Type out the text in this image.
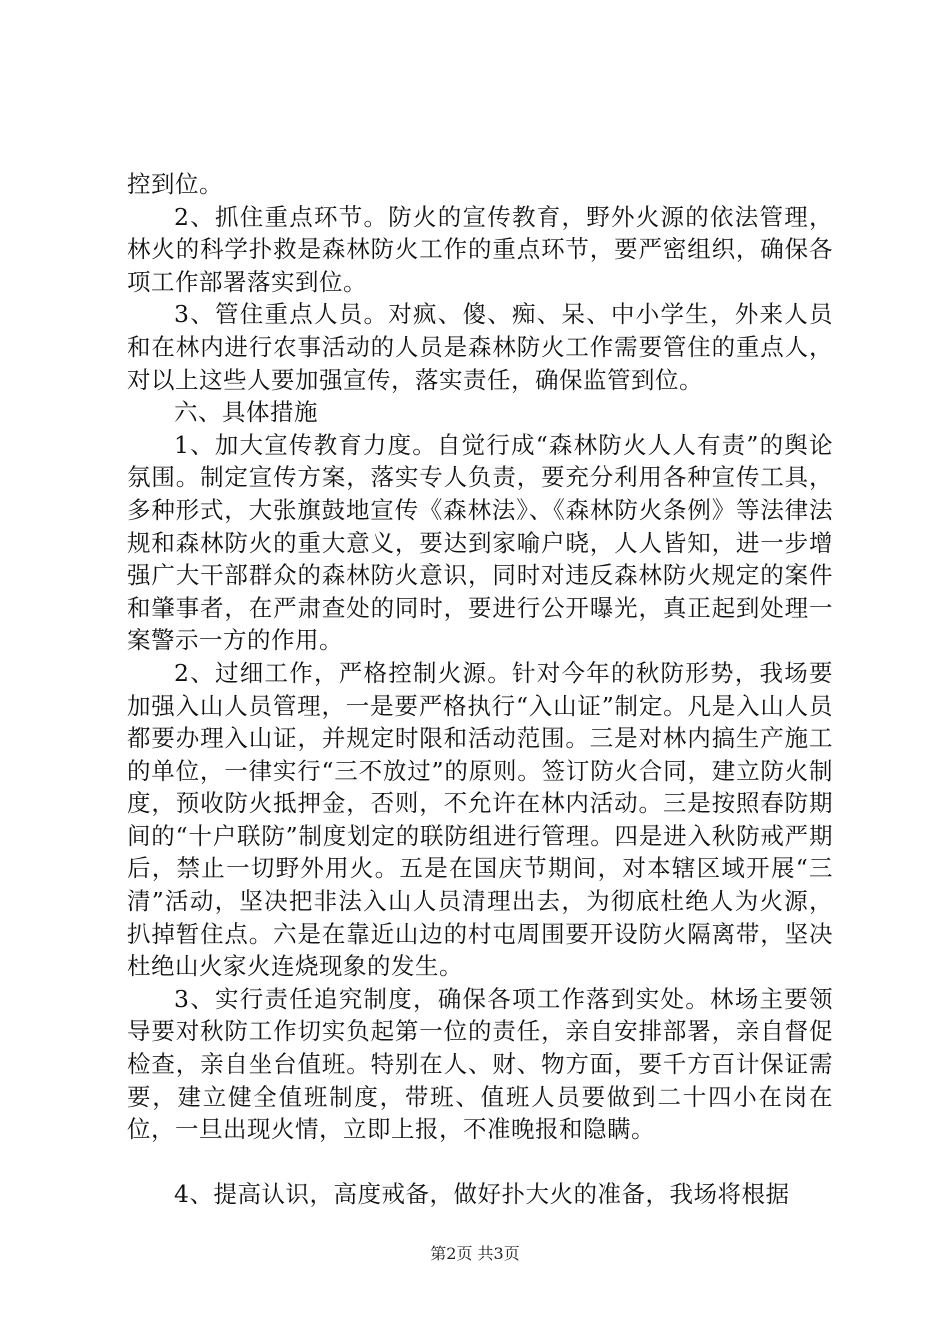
控到位。

2、抓住重点环节。防火的宣传教育，野外火源的依法管理，林火的科学扑救是森林防火工作的重点环节，要严密组织，确保各项工作部署落实到位。

3、管住重点人员。对疯、傻、痴、呆、中小学生，外来人员和在林内进行农事活动的人员是森林防火工作需要管住的重点人，对以上这些人要加强宣传，落实责任，确保监管到位。

六、具体措施

1、加大宣传教育力度。自觉行成“森林防火人人有责”的舆论氛围。制定宣传方案，落实专人负责，要充分利用各种宣传工具，多种形式，大张旗鼓地宣传《森林法》、《森林防火条例》等法律法规和森林防火的重大意义，要达到家喻户晓，人人皆知，进一步增强广大干部群众的森林防火意识，同时对违反森林防火规定的案件和肇事者，在严肃查处的同时，要进行公开曝光，真正起到处理一案警示一方的作用。

2、过细工作，严格控制火源。针对今年的秋防形势，我场要加强入山人员管理，一是要严格执行“入山证”制定。凡是入山人员都要办理入山证，并规定时限和活动范围。三是对林内搞生产施工的单位，一律实行“三不放过”的原则。签订防火合同，建立防火制度，预收防火抵押金，否则，不允许在林内活动。三是按照春防期间的“十户联防”制度划定的联防组进行管理。四是进入秋防戒严期后，禁止一切野外用火。五是在国庆节期间，对本辖区域开展“三清”活动，坚决把非法入山人员清理出去，为彻底杜绝人为火源，扒掉暂住点。六是在靠近山边的村屯周围要开设防火隔离带，坚决杜绝山火家火连烧现象的发生。

3、实行责任追究制度，确保各项工作落到实处。林场主要领导要对秋防工作切实负起第一位的责任，亲自安排部署，亲自督促检查，亲自坐台值班。特别在人、财、物方面，要千方百计保证需要，建立健全值班制度，带班、值班人员要做到二十四小在岗在位，一旦出现火情，立即上报，不准晚报和隐瞒。

4、提高认识，高度戒备，做好扑大火的准备，我场将根据

第2页 共3页
